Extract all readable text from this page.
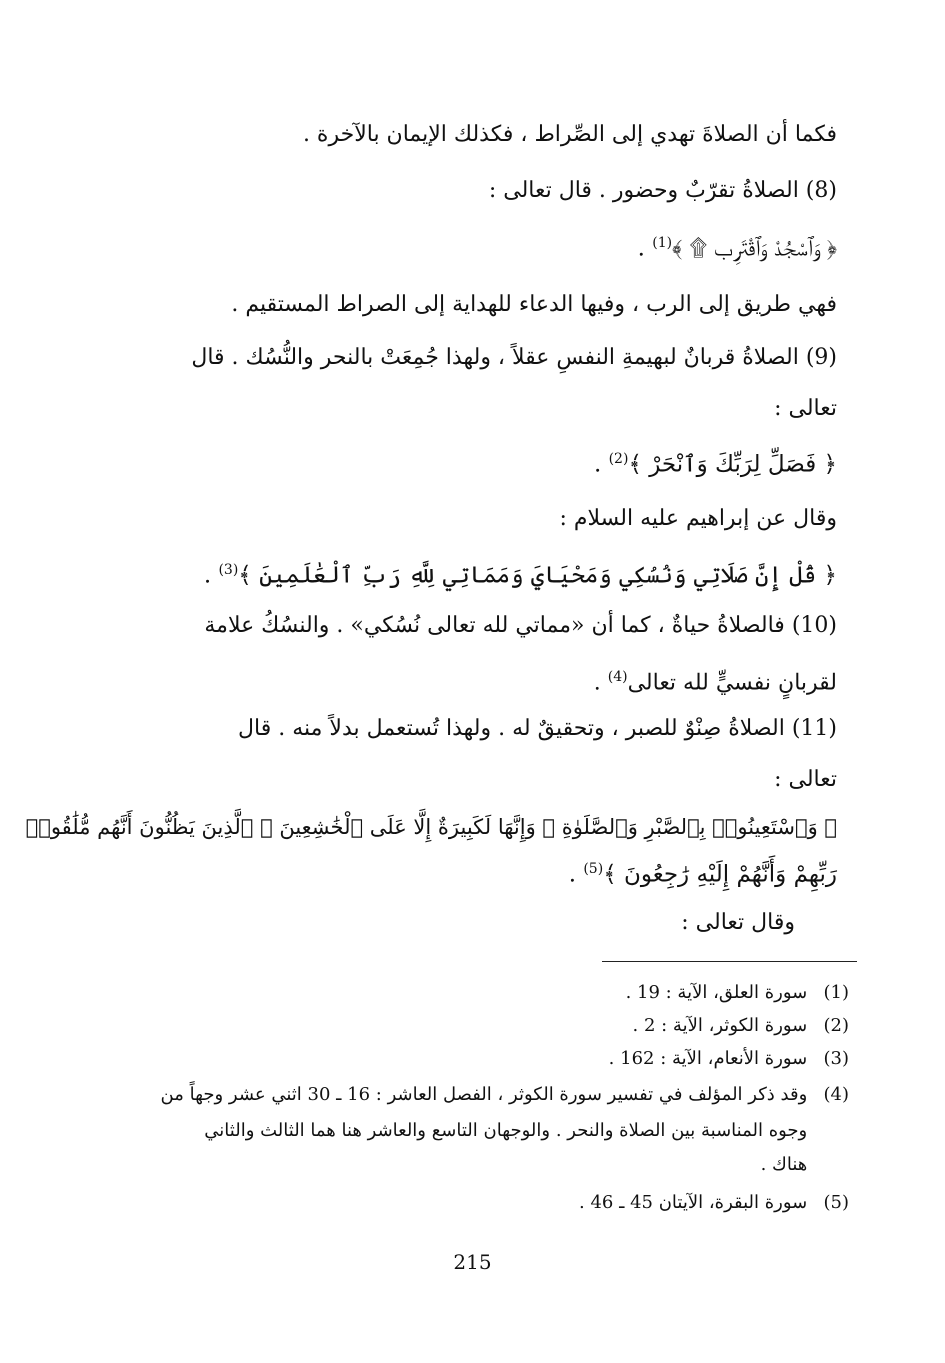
فكما أن الصلاةَ تهدي إلى الصِّراط ، فكذلك الإيمان بالآخرة .
(8) الصلاةُ تقرّبٌ وحضور . قال تعالى :
﴿ وَٱسْجُدْ وَٱقْتَرِب ۩ ﴾$^{(1)}$ .
فهي طريق إلى الرب ، وفيها الدعاء للهداية إلى الصراط المستقيم .
(9) الصلاةُ قربانٌ لبهيمةِ النفسِ عقلاً ، ولهذا جُمِعَتْ بالنحر والنُّسُك . قال
تعالى :
﴿ فَصَلِّ لِرَبِّكَ وَٱنْحَرْ ﴾$^{(2)}$ .
وقال عن إبراهيم عليه السلام :
﴿ قُلْ إِنَّ صَلَاتِي وَنُسُكِي وَمَحْيَايَ وَمَمَاتِي لِلَّهِ رَبِّ ٱلْعَٰلَمِينَ ﴾$^{(3)}$ .
(10) فالصلاةُ حياةٌ ، كما أن «مماتي لله تعالى نُسُكي» . والنسُكُ علامة
لقربانٍ نفسيٍّ لله تعالى$^{(4)}$ .
(11) الصلاةُ صِنْوٌ للصبر ، وتحقيقٌ له . ولهذا تُستعمل بدلاً منه . قال
تعالى :
﴿ وَٱسْتَعِينُوا۟ بِٱلصَّبْرِ وَٱلصَّلَوٰةِ ۚ وَإِنَّهَا لَكَبِيرَةٌ إِلَّا عَلَى ٱلْخَٰشِعِينَ ۞ ٱلَّذِينَ يَظُنُّونَ أَنَّهُم مُّلَٰقُوا۟
رَبِّهِمْ وَأَنَّهُمْ إِلَيْهِ رَٰجِعُونَ ﴾$^{(5)}$ .
وقال تعالى :
(1) سورة العلق، الآية : 19 .
(2) سورة الكوثر، الآية : 2 .
(3) سورة الأنعام، الآية : 162 .
(4) وقد ذكر المؤلف في تفسير سورة الكوثر ، الفصل العاشر : 16 ـ 30 اثني عشر وجهاً من
وجوه المناسبة بين الصلاة والنحر . والوجهان التاسع والعاشر هنا هما الثالث والثاني
هناك .
(5) سورة البقرة، الآيتان 45 ـ 46 .
215
